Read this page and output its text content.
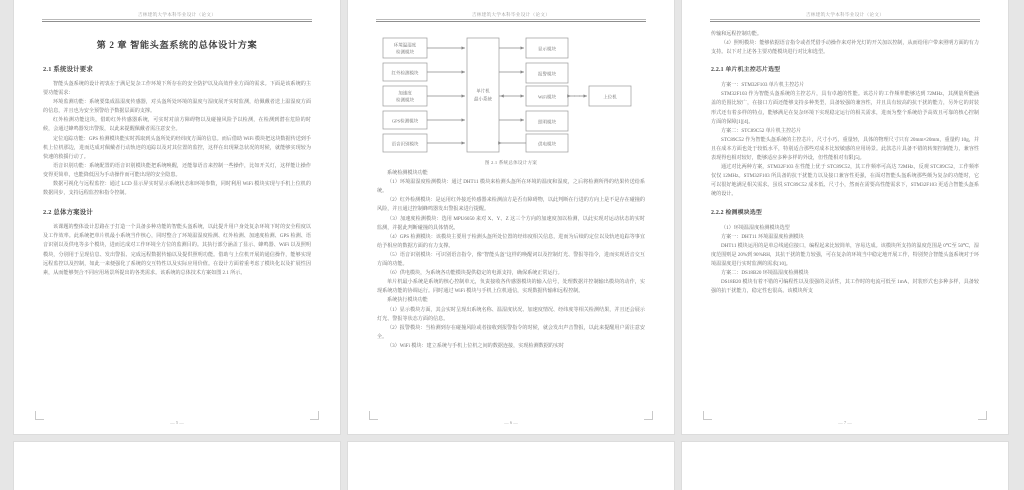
吉林建筑大学本科毕业设计（论文）
第 2 章 智能头盔系统的总体设计方案
2.1 系统设计要求

智能头盔系统的设计初衷在于满足复杂工作环境下所存在的安全防护以及高效作业方面的需求。下面是该系统的主要功能需求：

环境监测功能：系统要集成温湿度传感器，对头盔所处环境的温度与湿度展开实时监测，给佩戴者送上温湿度方面的信息，并且也为安全预警给予数据层面的支撑。

红外检测功能这块，借助红外传感器系统，可实时对前方障碍物以及碰撞风险予以检测，在检测到潜在危险的时候，会通过蜂鸣器发出警报，以此来提醒佩戴者需注意安全。

定位追踪功能：GPS 检测模块能实时抓取到头盔所处的经纬度方面的信息。而后借助 WiFi 模块把这块数据传送到手机上位机那边，进而达成对佩戴者行动轨迹的追踪以及对其位置的监控，这样在出现紧急状况的时候，就能够实现较为快速的救援行动了。

语音识别功能：系统配置的语音识别模块能把系统唤醒，还能靠语音来控制一些操作，比如开关灯，这样能让操作变得更简单，也能降低因为手动操作而可能出现的安全隐患。

数据可视化与远程监控：通过 LCD 显示屏实时显示系统状态和环境参数，同时利用 WiFi 模块实现与手机上位机的数据同步，支持远程监控和指令控制。

2.2 总体方案设计

该课题的整体设计思路在于打造一个具备多种功能的智能头盔系统，以此提升用户身处复杂环境下时的安全程度以及工作效率。此系统把单片机最小系统当作核心，同时整合了环境温湿度检测、红外检测、加速度检测、GPS 检测、语音识别以及供电等多个模块，进而达成对工作环境全方位的监测目的。其执行部分涵盖了显示、蜂鸣器、WiFi 以及照明模块，分别用于呈现信息、发出警报、完成远程数据传输以及提供照明功能。借助与上位机开展的通信操作，能够实现远程监控以及控制，如此一来便强化了系统的交互特性以及实际应用价值。在设计方面着重考虑了模块化以及扩展性因素，从而能够契合不同应用场景所提出的各类需求。该系统的总体技术方案如图 2.1 所示。

— 5 —
吉林建筑大学本科毕业设计（论文）
环境温湿度
检测模块
红外检测模块
加速度
检测模块
GPS检测模块
语音识别模块
单片机
最小系统
显示模块
报警模块
WiFi模块
照明模块
供电模块
上位机
图 2.1 系统总体设计方案

系统检测模块功能

（1）环境温湿度检测模块：通过 DHT11 模块来检测头盔所在环境的温度和湿度，之后将检测所得的结果传送给系统。

（2）红外检测模块：是运用红外接近传感器来检测前方是否有障碍物，以此判断在行进的方向上是不是存在碰撞的风险，并且通过控制蜂鸣器发出警报来进行提醒。

（3）加速度检测模块：选用 MPU6050 来对 X、Y、Z 这三个方向的加速度加以检测，以此实现对运动状态的实时监测，并据此判断碰撞的具体情况。

（4）GPS 检测模块：该模块主要用于检测头盔所处位置的经纬度相关信息，进而为后续的定位以及轨迹追踪等事宜给予相应的数据方面的有力支撑。

（5）语音识别模块：可识别语音指令，像"智能头盔"这样的唤醒词以及控制灯光、警报等指令，进而实现语音交互方面的功能。

（6）供电模块，为系统各功能模块提供稳定的电源支持，确保系统正常运行。

单片机最小系统是系统的核心控制单元，负责接收各传感器模块的输入信号，处理数据并控制输出模块的动作，实现系统功能的协调运行。同时通过 WiFi 模块与手机上位机通信，实现数据传输和远程控制。

系统执行模块功能

（1）显示模块方面，其会实时呈现出系统名称、温湿度状况、加速度情况、经纬度等相关检测结果，并且还会展示灯光、警报等状态方面的信息。

（2）报警模块：当检测到存在碰撞风险或者接收到报警指令的时候，就会发出声音警报，以此来提醒用户需注意安全。

（3）WiFi 模块：建立系统与手机上位机之间的数据连接，实现检测数据的实时

— 6 —
吉林建筑大学本科毕业设计（论文）

传输和远程控制功能。

（4）照明模块：能够依据语音指令或者凭借手动操作来对补光灯的开关加以控制，从而给用户带来照明方面的有力支持。以下对上述各主要功能模块进行对比和选型。

2.2.1 单片机主控芯片选型

方案一：STM32F103 单片机主控芯片

STM32F103 作为智能头盔系统的主控芯片，具有卓越的性能。该芯片的工作频率能够达到 72MHz，其测量所能涵盖的范围比较广，在接口方面还能够支持多种类型，具备较强的兼容性，并且具有较高的抗干扰的能力，另外它的封装形式还有着多样的特点，能够满足在复杂环境下实现稳定运行的相关需求，进而为整个系统给予高效且可靠的核心控制方面的保障[1][4]。

方案二：STC89C52 单片机主控芯片

STC89C52 作为智能头盔系统的主控芯片，尺寸小巧，重量轻，具体的物理尺寸只有 20mm×20mm，重量约 10g，并且在成本方面也处于较低水平，特别适合那些对成本比较敏感的应用场景。此款芯片具备不错的转架控制能力，兼容性表现得也相对较好，能够适应多种多样的外设，但性能相对有限[5]。

通过对比两种方案，STM32F103 在性能上优于 STC89C52，其工作频率可高达 72MHz，反观 STC89C52，工作频率仅仅 12MHz。STM32F103 所具备的抗干扰能力以及接口兼容性更强，在面对智能头盔系统那些颇为复杂的功能时，它可以很好地满足相关需求。虽说 STC89C52 成本低、尺寸小，然而在需要高性能需求下，STM32F103 更适合智能头盔系统的设计。

2.2.2 检测模块选型

（1）环境温湿度检测模块选型

方案一：DHT11 环境温湿度检测模块

DHT11 模块运用的是单总线通信接口，编程起来比较简单，容易达成。该模块所支持的温度范围是 0℃至 50℃，湿度范围则是 20%到 90%RH，其抗干扰的能力较强，可在复杂的环境当中稳定地开展工作，特别契合智能头盔系统对于环境温湿度进行实时监测的需求[10]。

方案二：DS18B20 环境温湿度检测模块

DS18B20 模块有着不错的可编程性以及很强的灵活性，其工作时的电流可低至 1mA，封装形式也多种多样，具备较强的抗干扰能力，稳定性也很高。该模块所支

— 7 —
